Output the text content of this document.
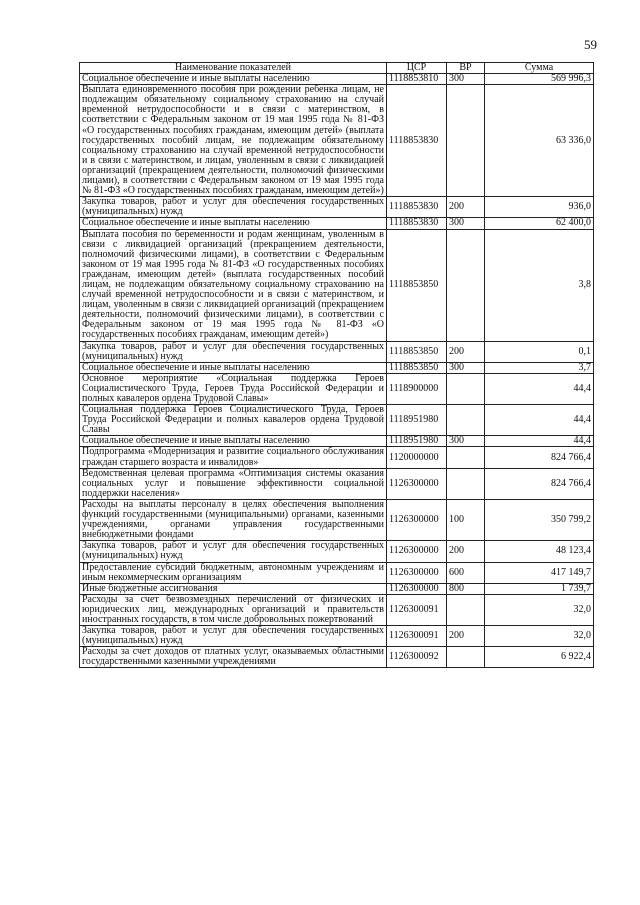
59
Наименование показателей	ЦСР	ВР	Сумма
Социальное обеспечение и иные выплаты населению	1118853810	300	569 996,3
Выплата единовременного пособия при рождении ребенка лицам, не подлежащим обязательному социальному страхованию на случай временной нетрудоспособности и в связи с материнством, в соответствии с Федеральным законом от 19 мая 1995 года № 81-ФЗ «О государственных пособиях гражданам, имеющим детей» (выплата государственных пособий лицам, не подлежащим обязательному социальному страхованию на случай временной нетрудоспособности и в связи с материнством, и лицам, уволенным в связи с ликвидацией организаций (прекращением деятельности, полномочий физическими лицами), в соответствии с Федеральным законом от 19 мая 1995 года № 81-ФЗ «О государственных пособиях гражданам, имеющим детей»)	1118853830		63 336,0
Закупка товаров, работ и услуг для обеспечения государственных (муниципальных) нужд	1118853830	200	936,0
Социальное обеспечение и иные выплаты населению	1118853830	300	62 400,0
Выплата пособия по беременности и родам женщинам, уволенным в связи с ликвидацией организаций (прекращением деятельности, полномочий физическими лицами), в соответствии с Федеральным законом от 19 мая 1995 года № 81-ФЗ «О государственных пособиях гражданам, имеющим детей» (выплата государственных пособий лицам, не подлежащим обязательному социальному страхованию на случай временной нетрудоспособности и в связи с материнством, и лицам, уволенным в связи с ликвидацией организаций (прекращением деятельности, полномочий физическими лицами), в соответствии с Федеральным законом от 19 мая 1995 года № 81-ФЗ «О государственных пособиях гражданам, имеющим детей»)	1118853850		3,8
Закупка товаров, работ и услуг для обеспечения государственных (муниципальных) нужд	1118853850	200	0,1
Социальное обеспечение и иные выплаты населению	1118853850	300	3,7
Основное мероприятие «Социальная поддержка Героев Социалистического Труда, Героев Труда Российской Федерации и полных кавалеров ордена Трудовой Славы»	1118900000		44,4
Социальная поддержка Героев Социалистического Труда, Героев Труда Российской Федерации и полных кавалеров ордена Трудовой Славы	1118951980		44,4
Социальное обеспечение и иные выплаты населению	1118951980	300	44,4
Подпрограмма «Модернизация и развитие социального обслуживания граждан старшего возраста и инвалидов»	1120000000		824 766,4
Ведомственная целевая программа «Оптимизация системы оказания социальных услуг и повышение эффективности социальной поддержки населения»	1126300000		824 766,4
Расходы на выплаты персоналу в целях обеспечения выполнения функций государственными (муниципальными) органами, казенными учреждениями, органами управления государственными внебюджетными фондами	1126300000	100	350 799,2
Закупка товаров, работ и услуг для обеспечения государственных (муниципальных) нужд	1126300000	200	48 123,4
Предоставление субсидий бюджетным, автономным учреждениям и иным некоммерческим организациям	1126300000	600	417 149,7
Иные бюджетные ассигнования	1126300000	800	1 739,7
Расходы за счет безвозмездных перечислений от физических и юридических лиц, международных организаций и правительств иностранных государств, в том числе добровольных пожертвований	1126300091		32,0
Закупка товаров, работ и услуг для обеспечения государственных (муниципальных) нужд	1126300091	200	32,0
Расходы за счет доходов от платных услуг, оказываемых областными государственными казенными учреждениями	1126300092		6 922,4
